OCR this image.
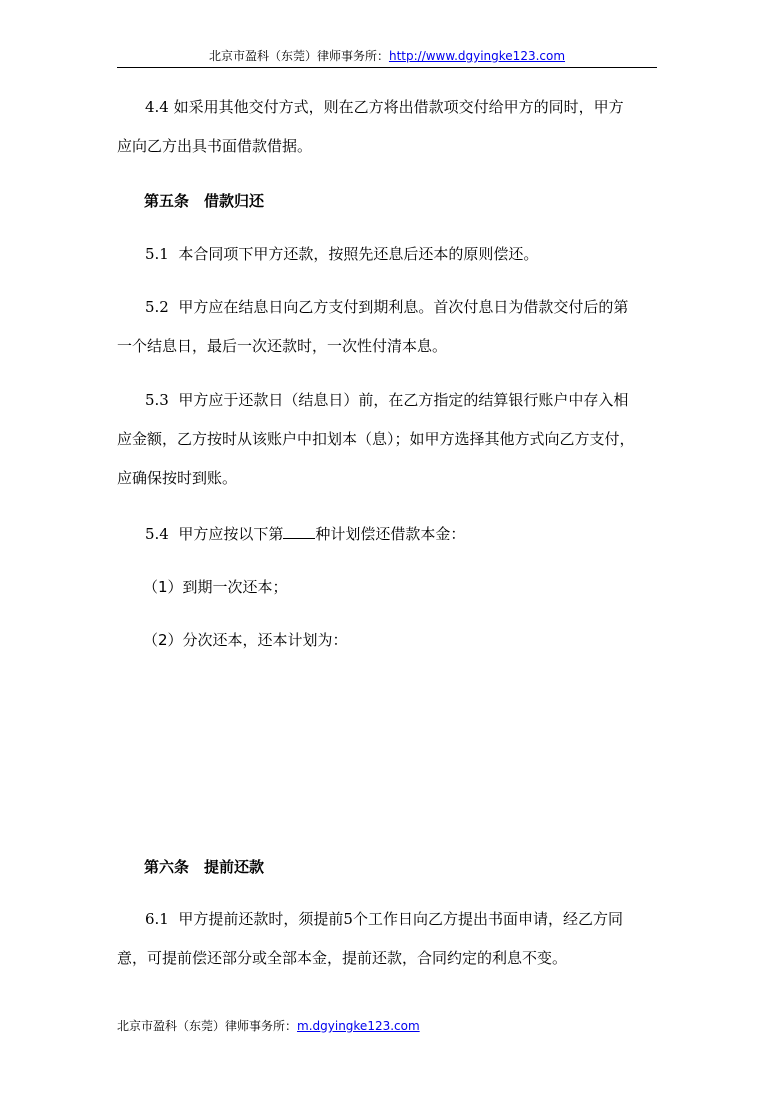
北京市盈科（东莞）律师事务所：http://www.dgyingke123.com

4.4 如采用其他交付方式，则在乙方将出借款项交付给甲方的同时，甲方
应向乙方出具书面借款借据。

第五条　借款归还

5.1 本合同项下甲方还款，按照先还息后还本的原则偿还。

5.2 甲方应在结息日向乙方支付到期利息。首次付息日为借款交付后的第
一个结息日，最后一次还款时，一次性付清本息。

5.3 甲方应于还款日（结息日）前，在乙方指定的结算银行账户中存入相
应金额，乙方按时从该账户中扣划本（息）；如甲方选择其他方式向乙方支付，
应确保按时到账。

5.4 甲方应按以下第 种计划偿还借款本金：

（1）到期一次还本；

（2）分次还本，还本计划为：

第六条　提前还款

6.1 甲方提前还款时，须提前5个工作日向乙方提出书面申请，经乙方同
意，可提前偿还部分或全部本金，提前还款，合同约定的利息不变。

北京市盈科（东莞）律师事务所：m.dgyingke123.com
